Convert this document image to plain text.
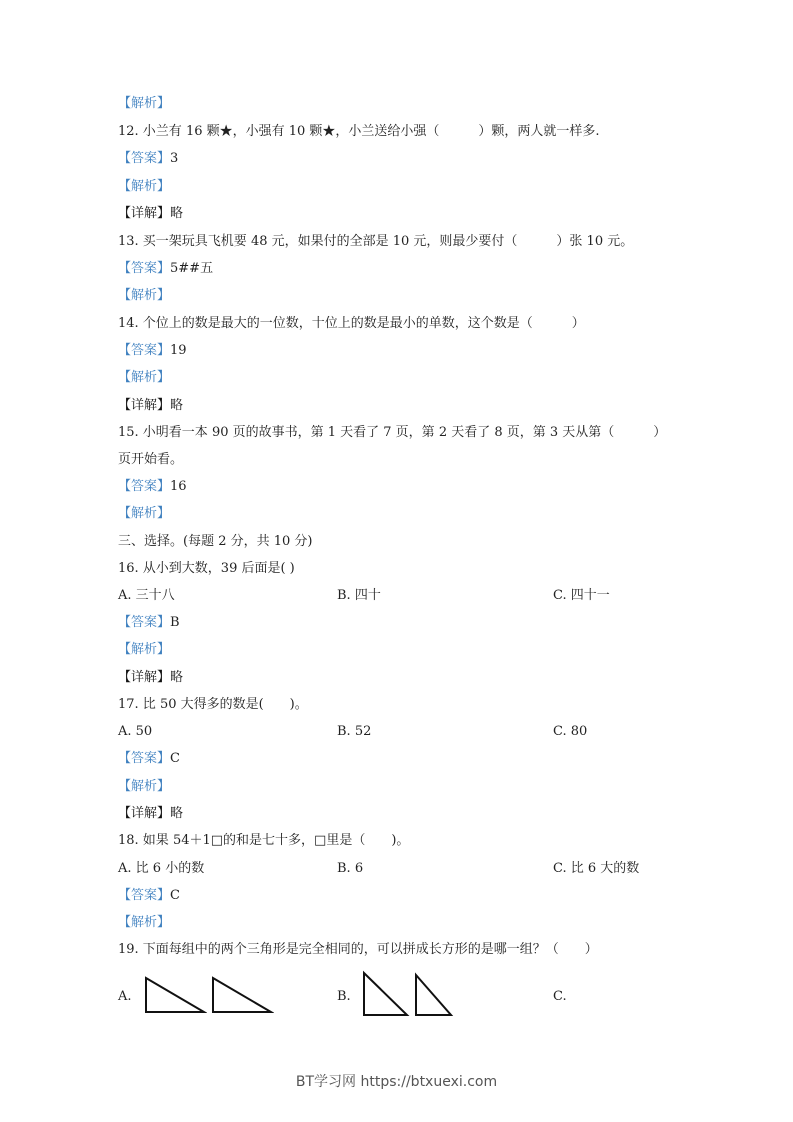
【解析】
12. 小兰有 16 颗★，小强有 10 颗★，小兰送给小强（　　　）颗，两人就一样多.
【答案】3
【解析】
【详解】略
13. 买一架玩具飞机要 48 元，如果付的全部是 10 元，则最少要付（　　　）张 10 元。
【答案】5##五
【解析】
14. 个位上的数是最大的一位数，十位上的数是最小的单数，这个数是（　　　）
【答案】19
【解析】
【详解】略
15. 小明看一本 90 页的故事书，第 1 天看了 7 页，第 2 天看了 8 页，第 3 天从第（　　　）
页开始看。
【答案】16
【解析】
三、选择。(每题 2 分，共 10 分)
16. 从小到大数，39 后面是( )
A. 三十八	B. 四十	C. 四十一
【答案】B
【解析】
【详解】略
17. 比 50 大得多的数是(　　)。
A. 50	B. 52	C. 80
【答案】C
【解析】
【详解】略
18. 如果 54＋1□的和是七十多，□里是（　　)。
A. 比 6 小的数	B. 6	C. 比 6 大的数
【答案】C
【解析】
19. 下面每组中的两个三角形是完全相同的，可以拼成长方形的是哪一组？（　　）
A.	B.	C.
BT学习网 https://btxuexi.com
